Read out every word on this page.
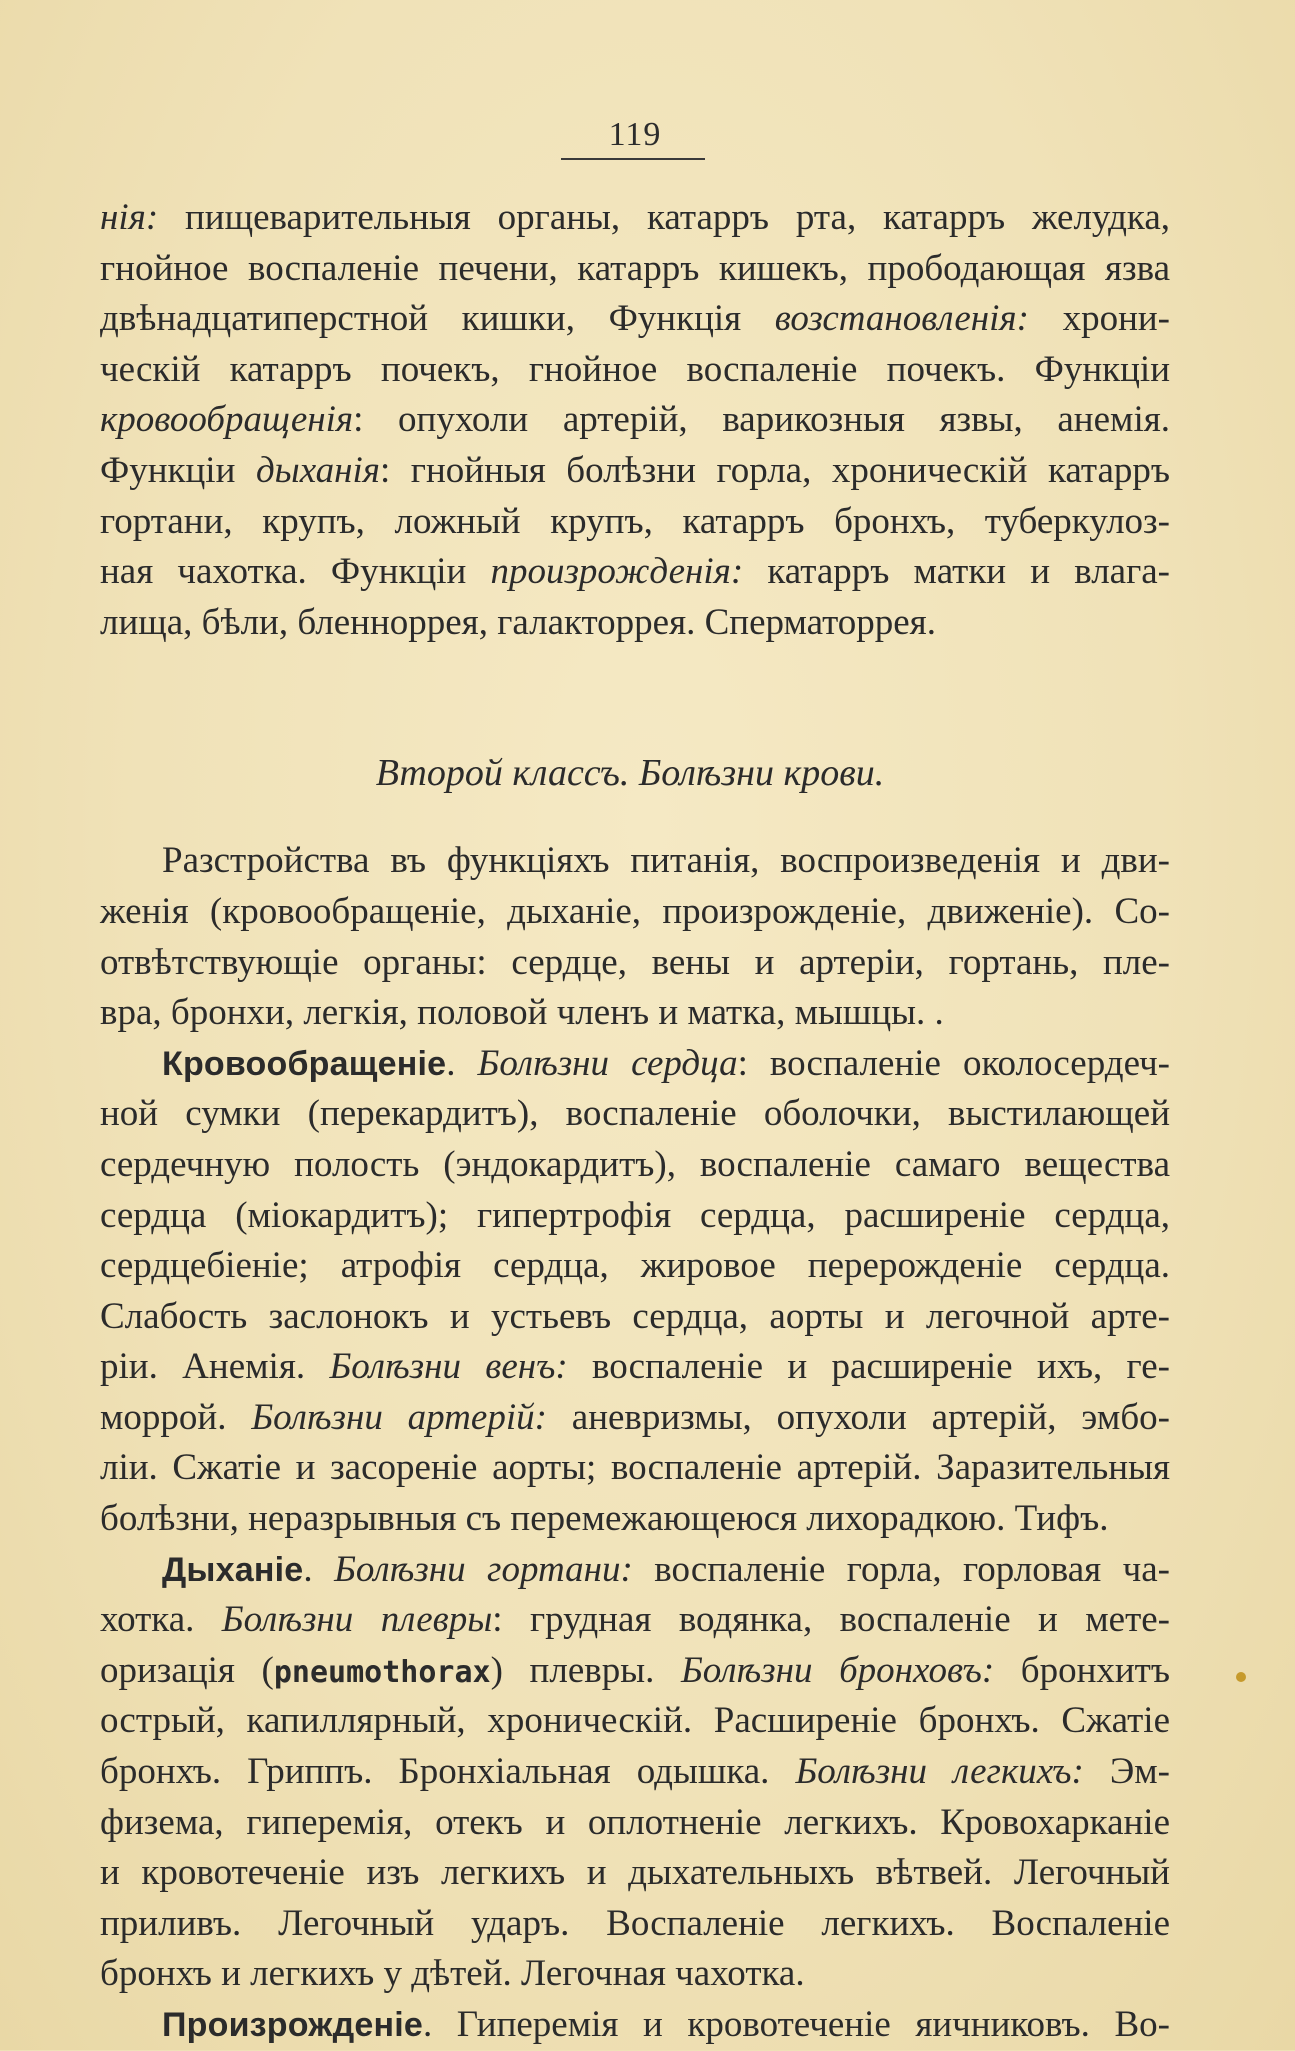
119
нія: пищеварительныя органы, катарръ рта, катарръ желудка,
гнойное воспаленіе печени, катарръ кишекъ, прободающая язва
двѣнадцатиперстной кишки, Функція возстановленія: хрони-
ческій катарръ почекъ, гнойное воспаленіе почекъ. Функціи
кровообращенія: опухоли артерій, варикозныя язвы, анемія.
Функціи дыханія: гнойныя болѣзни горла, хроническій катарръ
гортани, крупъ, ложный крупъ, катарръ бронхъ, туберкулоз-
ная чахотка. Функціи произрожденія: катарръ матки и влага-
лища, бѣли, бленноррея, галакторрея. Сперматоррея.
Второй классъ. Болѣзни крови.
Разстройства въ функціяхъ питанія, воспроизведенія и дви-
женія (кровообращеніе, дыханіе, произрожденіе, движеніе). Со-
отвѣтствующіе органы: сердце, вены и артеріи, гортань, пле-
вра, бронхи, легкія, половой членъ и матка, мышцы. .
Кровообращеніе. Болѣзни сердца: воспаленіе околосердеч-
ной сумки (перекардитъ), воспаленіе оболочки, выстилающей
сердечную полость (эндокардитъ), воспаленіе самаго вещества
сердца (міокардитъ); гипертрофія сердца, расширеніе сердца,
сердцебіеніе; атрофія сердца, жировое перерожденіе сердца.
Слабость заслонокъ и устьевъ сердца, аорты и легочной арте-
ріи. Анемія. Болѣзни венъ: воспаленіе и расширеніе ихъ, ге-
моррой. Болѣзни артерій: аневризмы, опухоли артерій, эмбо-
ліи. Сжатіе и засореніе аорты; воспаленіе артерій. Заразительныя
болѣзни, неразрывныя съ перемежающеюся лихорадкою. Тифъ.
Дыханіе. Болѣзни гортани: воспаленіе горла, горловая ча-
хотка. Болѣзни плевры: грудная водянка, воспаленіе и мете-
оризація (pneumothorax) плевры. Болѣзни бронховъ: бронхитъ
острый, капиллярный, хроническій. Расширеніе бронхъ. Сжатіе
бронхъ. Гриппъ. Бронхіальная одышка. Болѣзни легкихъ: Эм-
физема, гиперемія, отекъ и оплотненіе легкихъ. Кровохарканіе
и кровотеченіе изъ легкихъ и дыхательныхъ вѣтвей. Легочный
приливъ. Легочный ударъ. Воспаленіе легкихъ. Воспаленіе
бронхъ и легкихъ у дѣтей. Легочная чахотка.
Произрожденіе. Гиперемія и кровотеченіе яичниковъ. Во-
